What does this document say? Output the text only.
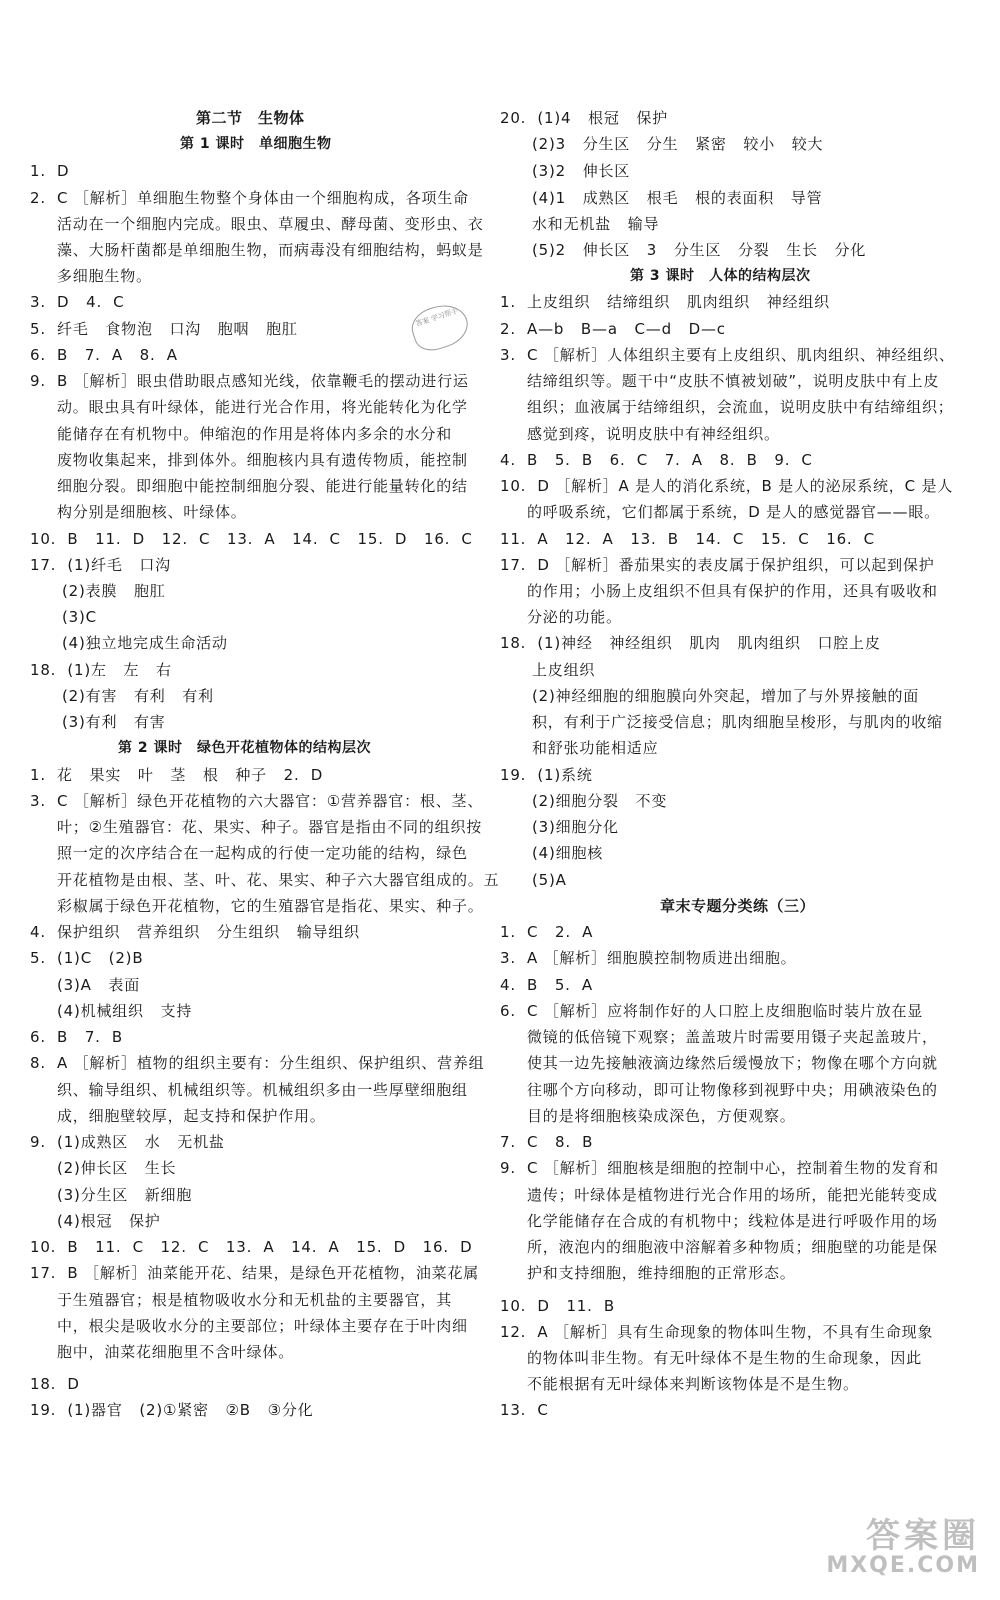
第二节　生物体
第 1 课时　单细胞生物
1.  D
2.  C ［解析］单细胞生物整个身体由一个细胞构成，各项生命
活动在一个细胞内完成。眼虫、草履虫、酵母菌、变形虫、衣
藻、大肠杆菌都是单细胞生物，而病毒没有细胞结构，蚂蚁是
多细胞生物。
3.  D   4.  C
5.  纤毛   食物泡   口沟   胞咽   胞肛
6.  B   7.  A   8.  A
9.  B ［解析］眼虫借助眼点感知光线，依靠鞭毛的摆动进行运
动。眼虫具有叶绿体，能进行光合作用，将光能转化为化学
能储存在有机物中。伸缩泡的作用是将体内多余的水分和
废物收集起来，排到体外。细胞核内具有遗传物质，能控制
细胞分裂。即细胞中能控制细胞分裂、能进行能量转化的结
构分别是细胞核、叶绿体。
10.  B   11.  D   12.  C   13.  A   14.  C   15.  D   16.  C
17.  (1)纤毛   口沟
(2)表膜   胞肛
(3)C
(4)独立地完成生命活动
18.  (1)左   左   右
(2)有害   有利   有利
(3)有利   有害
第 2 课时　绿色开花植物体的结构层次
1.  花   果实   叶   茎   根   种子   2.  D
3.  C ［解析］绿色开花植物的六大器官：①营养器官：根、茎、
叶；②生殖器官：花、果实、种子。器官是指由不同的组织按
照一定的次序结合在一起构成的行使一定功能的结构，绿色
开花植物是由根、茎、叶、花、果实、种子六大器官组成的。五
彩椒属于绿色开花植物，它的生殖器官是指花、果实、种子。
4.  保护组织   营养组织   分生组织   输导组织
5.  (1)C   (2)B
(3)A   表面
(4)机械组织   支持
6.  B   7.  B
8.  A ［解析］植物的组织主要有：分生组织、保护组织、营养组
织、输导组织、机械组织等。机械组织多由一些厚壁细胞组
成，细胞壁较厚，起支持和保护作用。
9.  (1)成熟区   水   无机盐
(2)伸长区   生长
(3)分生区   新细胞
(4)根冠   保护
10.  B   11.  C   12.  C   13.  A   14.  A   15.  D   16.  D
17.  B ［解析］油菜能开花、结果，是绿色开花植物，油菜花属
于生殖器官；根是植物吸收水分和无机盐的主要器官，其
中，根尖是吸收水分的主要部位；叶绿体主要存在于叶肉细
胞中，油菜花细胞里不含叶绿体。
18.  D
19.  (1)器官   (2)①紧密   ②B   ③分化
答案 学习帮手
20.  (1)4   根冠   保护
(2)3   分生区   分生   紧密   较小   较大
(3)2   伸长区
(4)1   成熟区   根毛   根的表面积   导管
水和无机盐   输导
(5)2   伸长区   3   分生区   分裂   生长   分化
第 3 课时　人体的结构层次
1.  上皮组织   结缔组织   肌肉组织   神经组织
2.  A—b   B—a   C—d   D—c
3.  C ［解析］人体组织主要有上皮组织、肌肉组织、神经组织、
结缔组织等。题干中“皮肤不慎被划破”，说明皮肤中有上皮
组织；血液属于结缔组织，会流血，说明皮肤中有结缔组织；
感觉到疼，说明皮肤中有神经组织。
4.  B   5.  B   6.  C   7.  A   8.  B   9.  C
10.  D ［解析］A 是人的消化系统，B 是人的泌尿系统，C 是人
的呼吸系统，它们都属于系统，D 是人的感觉器官——眼。
11.  A   12.  A   13.  B   14.  C   15.  C   16.  C
17.  D ［解析］番茄果实的表皮属于保护组织，可以起到保护
的作用；小肠上皮组织不但具有保护的作用，还具有吸收和
分泌的功能。
18.  (1)神经   神经组织   肌肉   肌肉组织   口腔上皮
上皮组织
(2)神经细胞的细胞膜向外突起，增加了与外界接触的面
积，有利于广泛接受信息；肌肉细胞呈梭形，与肌肉的收缩
和舒张功能相适应
19.  (1)系统
(2)细胞分裂   不变
(3)细胞分化
(4)细胞核
(5)A
章末专题分类练（三）
1.  C   2.  A
3.  A ［解析］细胞膜控制物质进出细胞。
4.  B   5.  A
6.  C ［解析］应将制作好的人口腔上皮细胞临时装片放在显
微镜的低倍镜下观察；盖盖玻片时需要用镊子夹起盖玻片，
使其一边先接触液滴边缘然后缓慢放下；物像在哪个方向就
往哪个方向移动，即可让物像移到视野中央；用碘液染色的
目的是将细胞核染成深色，方便观察。
7.  C   8.  B
9.  C ［解析］细胞核是细胞的控制中心，控制着生物的发育和
遗传；叶绿体是植物进行光合作用的场所，能把光能转变成
化学能储存在合成的有机物中；线粒体是进行呼吸作用的场
所，液泡内的细胞液中溶解着多种物质；细胞壁的功能是保
护和支持细胞，维持细胞的正常形态。
10.  D   11.  B
12.  A ［解析］具有生命现象的物体叫生物，不具有生命现象
的物体叫非生物。有无叶绿体不是生物的生命现象，因此
不能根据有无叶绿体来判断该物体是不是生物。
13.  C
答案圈
MXQE.COM
